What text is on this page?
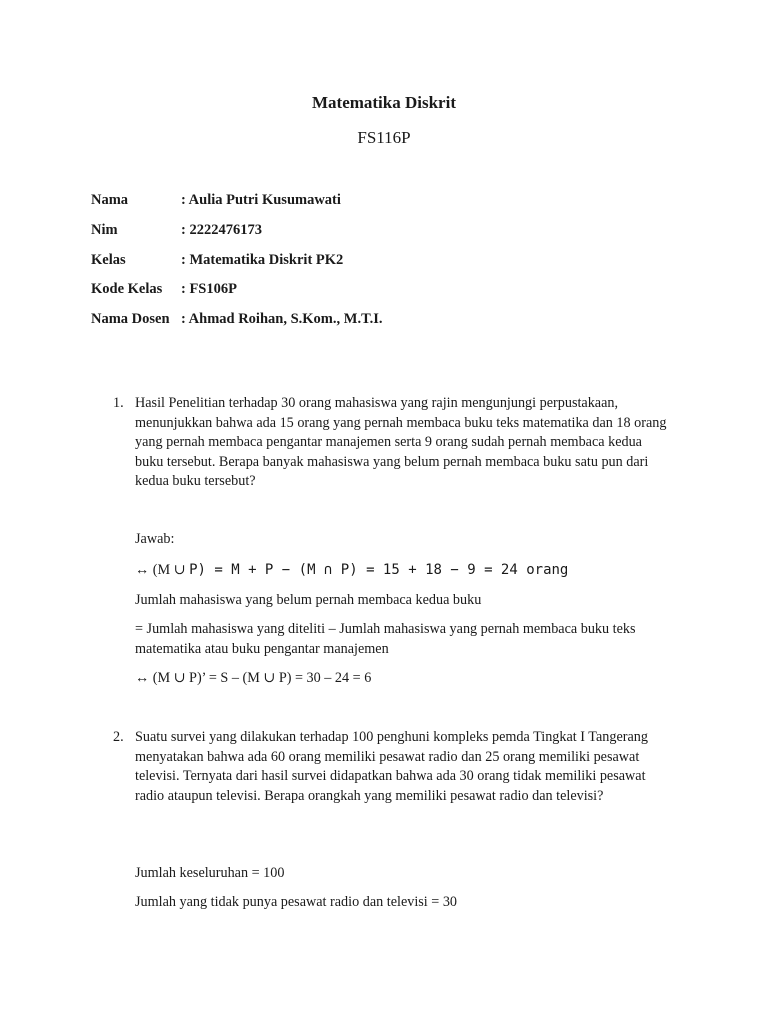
Matematika Diskrit
FS116P
Nama	: Aulia Putri Kusumawati
Nim	: 2222476173
Kelas	: Matematika Diskrit PK2
Kode Kelas	: FS106P
Nama Dosen : Ahmad Roihan, S.Kom., M.T.I.
1. Hasil Penelitian terhadap 30 orang mahasiswa yang rajin mengunjungi perpustakaan, menunjukkan bahwa ada 15 orang yang pernah membaca buku teks matematika dan 18 orang yang pernah membaca pengantar manajemen serta 9 orang sudah pernah membaca kedua buku tersebut. Berapa banyak mahasiswa yang belum pernah membaca buku satu pun dari kedua buku tersebut?
Jawab:
↔ (M ∪ P) = M + P − (M ∩ P) = 15 + 18 − 9 = 24 orang
Jumlah mahasiswa yang belum pernah membaca kedua buku
= Jumlah mahasiswa yang diteliti – Jumlah mahasiswa yang pernah membaca buku teks matematika atau buku pengantar manajemen
↔ (M ∪ P)’ = S – (M ∪ P) = 30 – 24 = 6
2. Suatu survei yang dilakukan terhadap 100 penghuni kompleks pemda Tingkat I Tangerang menyatakan bahwa ada 60 orang memiliki pesawat radio dan 25 orang memiliki pesawat televisi. Ternyata dari hasil survei didapatkan bahwa ada 30 orang tidak memiliki pesawat radio ataupun televisi. Berapa orangkah yang memiliki pesawat radio dan televisi?
Jumlah keseluruhan = 100
Jumlah yang tidak punya pesawat radio dan televisi = 30
